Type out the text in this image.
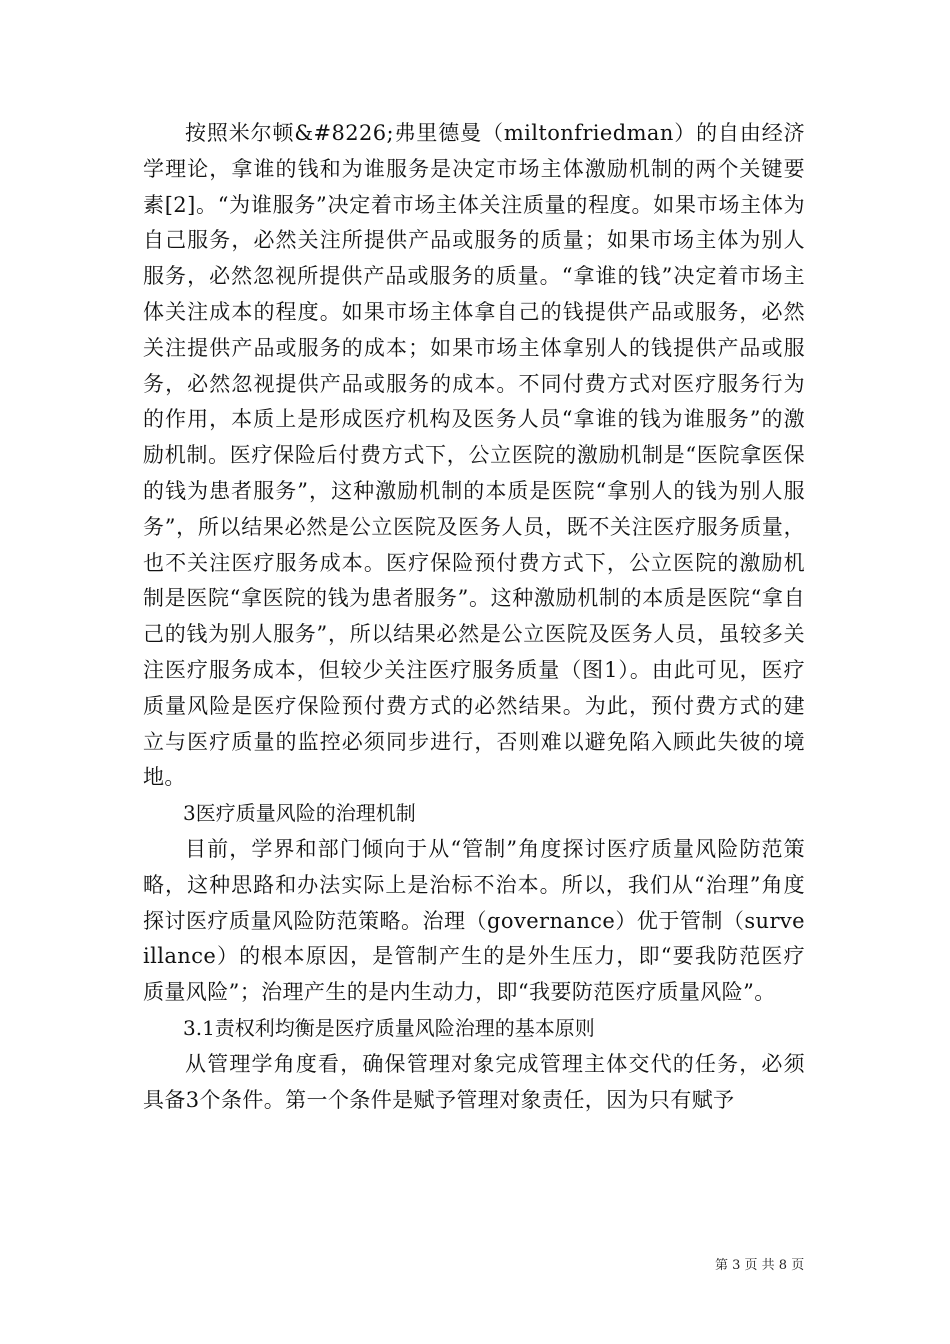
按照米尔顿&#8226;弗里德曼（miltonfriedman）的自由经济学理论，拿谁的钱和为谁服务是决定市场主体激励机制的两个关键要素[2]。“为谁服务”决定着市场主体关注质量的程度。如果市场主体为自己服务，必然关注所提供产品或服务的质量；如果市场主体为别人服务，必然忽视所提供产品或服务的质量。“拿谁的钱”决定着市场主体关注成本的程度。如果市场主体拿自己的钱提供产品或服务，必然关注提供产品或服务的成本；如果市场主体拿别人的钱提供产品或服务，必然忽视提供产品或服务的成本。不同付费方式对医疗服务行为的作用，本质上是形成医疗机构及医务人员“拿谁的钱为谁服务”的激励机制。医疗保险后付费方式下，公立医院的激励机制是“医院拿医保的钱为患者服务”，这种激励机制的本质是医院“拿别人的钱为别人服务”，所以结果必然是公立医院及医务人员，既不关注医疗服务质量，也不关注医疗服务成本。医疗保险预付费方式下，公立医院的激励机制是医院“拿医院的钱为患者服务”。这种激励机制的本质是医院“拿自己的钱为别人服务”，所以结果必然是公立医院及医务人员，虽较多关注医疗服务成本，但较少关注医疗服务质量（图1）。由此可见，医疗质量风险是医疗保险预付费方式的必然结果。为此，预付费方式的建立与医疗质量的监控必须同步进行，否则难以避免陷入顾此失彼的境地。

3医疗质量风险的治理机制

目前，学界和部门倾向于从“管制”角度探讨医疗质量风险防范策略，这种思路和办法实际上是治标不治本。所以，我们从“治理”角度探讨医疗质量风险防范策略。治理（governance）优于管制（surveillance）的根本原因，是管制产生的是外生压力，即“要我防范医疗质量风险”；治理产生的是内生动力，即“我要防范医疗质量风险”。

3.1责权利均衡是医疗质量风险治理的基本原则

从管理学角度看，确保管理对象完成管理主体交代的任务，必须具备3个条件。第一个条件是赋予管理对象责任，因为只有赋予

第 3 页 共 8 页
